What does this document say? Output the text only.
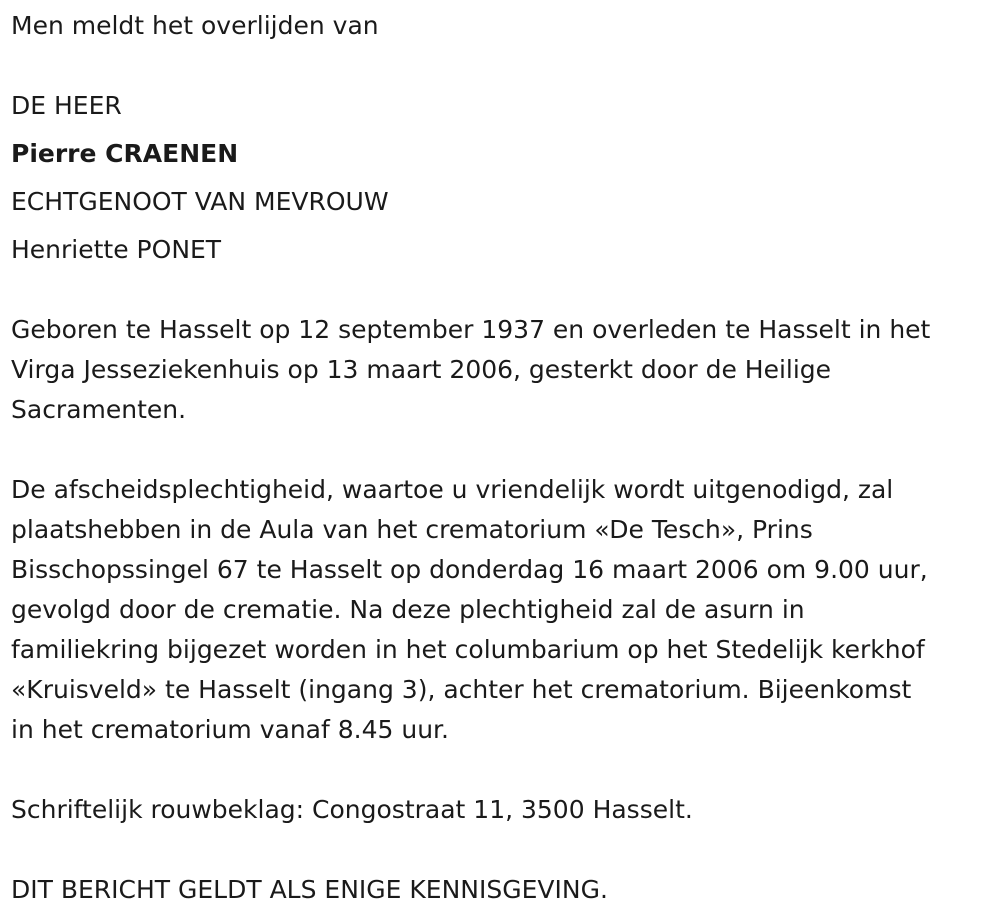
Men meldt het overlijden van
DE HEER
Pierre CRAENEN
ECHTGENOOT VAN MEVROUW
Henriette PONET
Geboren te Hasselt op 12 september 1937 en overleden te Hasselt in het
Virga Jesseziekenhuis op 13 maart 2006, gesterkt door de Heilige
Sacramenten.
De afscheidsplechtigheid, waartoe u vriendelijk wordt uitgenodigd, zal
plaatshebben in de Aula van het crematorium «De Tesch», Prins
Bisschopssingel 67 te Hasselt op donderdag 16 maart 2006 om 9.00 uur,
gevolgd door de crematie. Na deze plechtigheid zal de asurn in
familiekring bijgezet worden in het columbarium op het Stedelijk kerkhof
«Kruisveld» te Hasselt (ingang 3), achter het crematorium. Bijeenkomst
in het crematorium vanaf 8.45 uur.
Schriftelijk rouwbeklag: Congostraat 11, 3500 Hasselt.
DIT BERICHT GELDT ALS ENIGE KENNISGEVING.
